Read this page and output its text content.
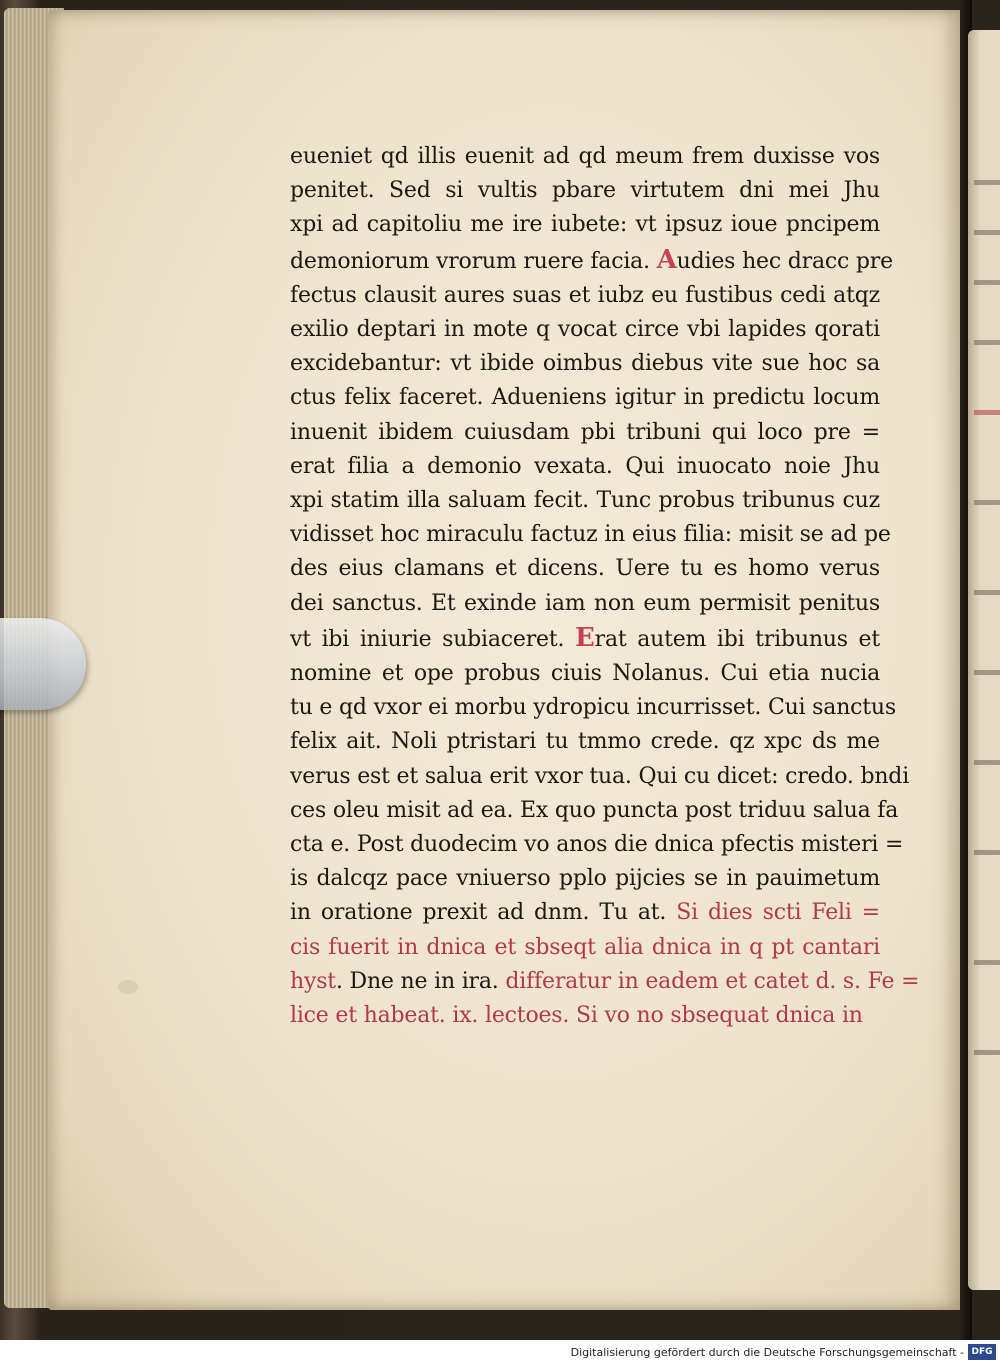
eueniet qd illis euenit ad qd meum frem duxisse vos
penitet. Sed si vultis pbare virtutem dni mei Jhu
xpi ad capitoliu me ire iubete: vt ipsuz ioue pncipem
demoniorum vrorum ruere facia. Audies hec dracc pre
fectus clausit aures suas et iubz eu fustibus cedi atqz
exilio deptari in mote q vocat circe vbi lapides qorati
excidebantur: vt ibide oimbus diebus vite sue hoc sa
ctus felix faceret. Adueniens igitur in predictu locum
inuenit ibidem cuiusdam pbi tribuni qui loco pre =
erat filia a demonio vexata. Qui inuocato noie Jhu
xpi statim illa saluam fecit. Tunc probus tribunus cuz
vidisset hoc miraculu factuz in eius filia: misit se ad pe
des eius clamans et dicens. Uere tu es homo verus
dei sanctus. Et exinde iam non eum permisit penitus
vt ibi iniurie subiaceret. Erat autem ibi tribunus et
nomine et ope probus ciuis Nolanus. Cui etia nucia
tu e qd vxor ei morbu ydropicu incurrisset. Cui sanctus
felix ait. Noli ptristari tu tmmo crede. qz xpc ds me
verus est et salua erit vxor tua. Qui cu dicet: credo. bndi
ces oleu misit ad ea. Ex quo puncta post triduu salua fa
cta e. Post duodecim vo anos die dnica pfectis misteri =
is dalcqz pace vniuerso pplo pijcies se in pauimetum
in oratione prexit ad dnm. Tu at. Si dies scti Feli =
cis fuerit in dnica et sbseqt alia dnica in q pt cantari
hyst. Dne ne in ira. differatur in eadem et catet d. s. Fe =
lice et habeat. ix. lectoes. Si vo no sbsequat dnica in
Digitalisierung gefördert durch die Deutsche Forschungsgemeinschaft - DFG
